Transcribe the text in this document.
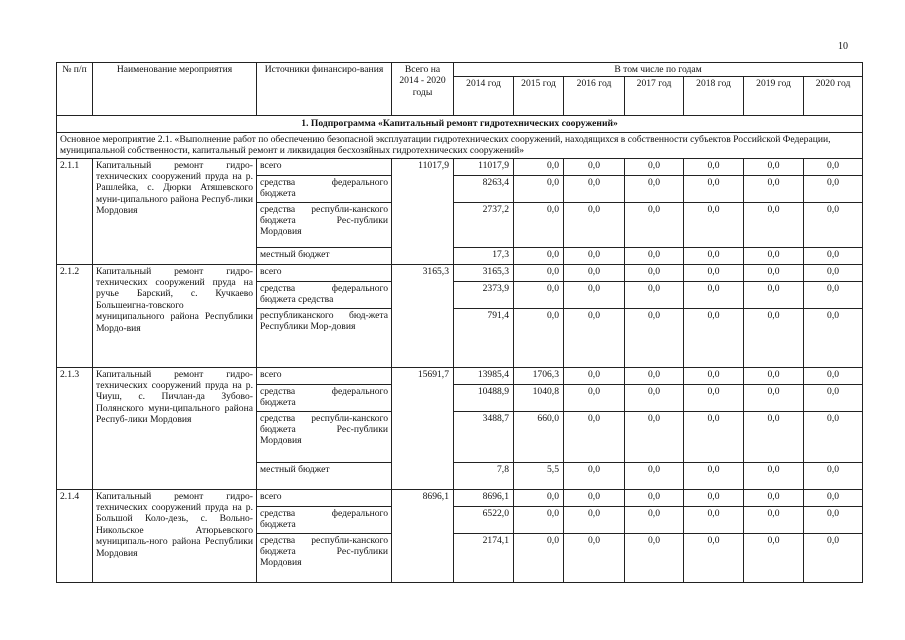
10
№ п/п	Наименование мероприятия	Источники финансиро-вания	Всего на 2014 - 2020 годы	В том числе по годам						
				2014 год	2015 год	2016 год	2017 год	2018 год	2019 год	2020 год
1. Подпрограмма «Капитальный ремонт гидротехнических сооружений»										
Основное мероприятие 2.1. «Выполнение работ по обеспечению безопасной эксплуатации гидротехнических сооружений, находящихся в собственности субъектов Российской Федерации, муниципальной собственности, капитальный ремонт и ликвидация бесхозяйных гидротехнических сооружений»										
2.1.1	Капитальный ремонт гидро-технических сооружений пруда на р. Рашлейка, с. Дюрки Атяшевского муни-ципального района Респуб-лики Мордовия	всего	11017,9	11017,9	0,0	0,0	0,0	0,0	0,0	0,0
		средства федерального бюджета		8263,4	0,0	0,0	0,0	0,0	0,0	0,0
		средства республи-канского бюджета Рес-публики Мордовия		2737,2	0,0	0,0	0,0	0,0	0,0	0,0
		местный бюджет		17,3	0,0	0,0	0,0	0,0	0,0	0,0
2.1.2	Капитальный ремонт гидро-технических сооружений пруда на ручье Барский, с. Кучкаево Большеигна-товского муниципального района Республики Мордо-вия	всего	3165,3	3165,3	0,0	0,0	0,0	0,0	0,0	0,0
		средства федерального бюджета средства		2373,9	0,0	0,0	0,0	0,0	0,0	0,0
		республиканского бюд-жета Республики Мор-довия		791,4	0,0	0,0	0,0	0,0	0,0	0,0
2.1.3	Капитальный ремонт гидро-технических сооружений пруда на р. Чиуш, с. Пичлан-да Зубово-Полянского муни-ципального района Респуб-лики Мордовия	всего	15691,7	13985,4	1706,3	0,0	0,0	0,0	0,0	0,0
		средства федерального бюджета		10488,9	1040,8	0,0	0,0	0,0	0,0	0,0
		средства республи-канского бюджета Рес-публики Мордовия		3488,7	660,0	0,0	0,0	0,0	0,0	0,0
		местный бюджет		7,8	5,5	0,0	0,0	0,0	0,0	0,0
2.1.4	Капитальный ремонт гидро-технических сооружений пруда на р. Большой Коло-дезь, с. Вольно-Никольское Атюрьевского муниципаль-ного района Республики Мордовия	всего	8696,1	8696,1	0,0	0,0	0,0	0,0	0,0	0,0
		средства федерального бюджета		6522,0	0,0	0,0	0,0	0,0	0,0	0,0
		средства республи-канского бюджета Рес-публики Мордовия		2174,1	0,0	0,0	0,0	0,0	0,0	0,0
